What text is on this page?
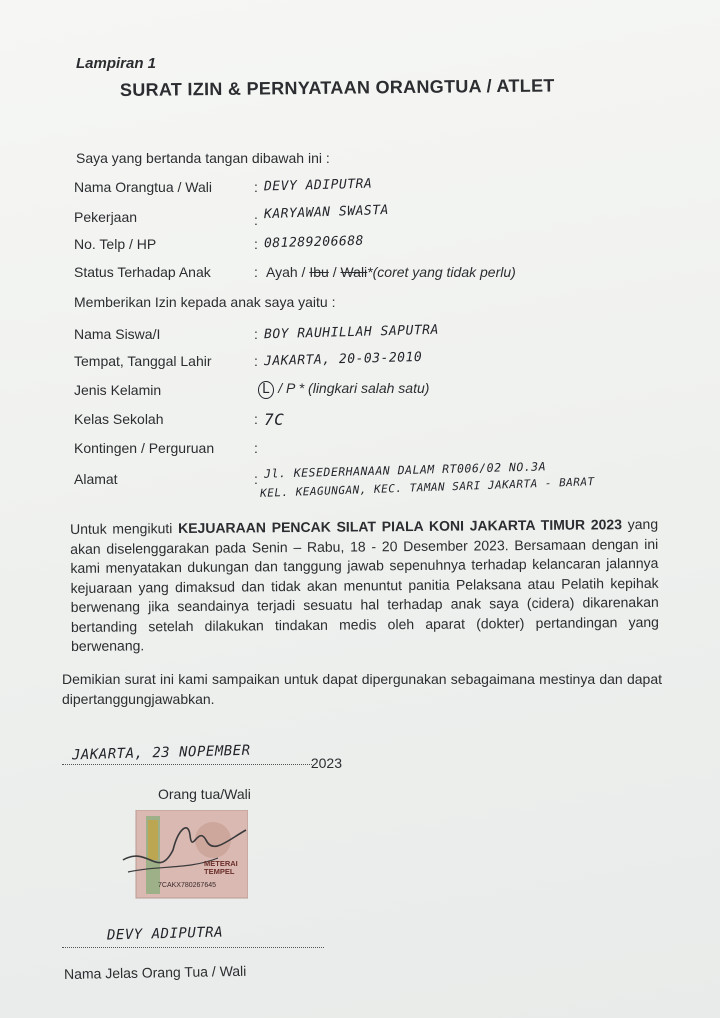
Lampiran 1
SURAT IZIN & PERNYATAAN ORANGTUA / ATLET
Saya yang bertanda tangan dibawah ini :
Nama Orangtua / Wali	: DEVY ADIPUTRA
Pekerjaan	: KARYAWAN SWASTA
No. Telp / HP	: 081289206688
Status Terhadap Anak	: Ayah / Ibu / Wali*(coret yang tidak perlu)
Memberikan Izin kepada anak saya yaitu :
Nama Siswa/I	: BOY RAUHILLAH SAPUTRA
Tempat, Tanggal Lahir	: JAKARTA, 20-03-2010
Jenis Kelamin	L / P * (lingkari salah satu)
Kelas Sekolah	: 7C
Kontingen / Perguruan	:
Alamat	: Jl. KESEDERHANAAN DALAM RT006/02 NO.3A
KEL. KEAGUNGAN, KEC. TAMAN SARI JAKARTA - BARAT
Untuk mengikuti KEJUARAAN PENCAK SILAT PIALA KONI JAKARTA TIMUR 2023 yang akan diselenggarakan pada Senin – Rabu, 18 - 20 Desember 2023. Bersamaan dengan ini kami menyatakan dukungan dan tanggung jawab sepenuhnya terhadap kelancaran jalannya kejuaraan yang dimaksud dan tidak akan menuntut panitia Pelaksana atau Pelatih kepihak berwenang jika seandainya terjadi sesuatu hal terhadap anak saya (cidera) dikarenakan bertanding setelah dilakukan tindakan medis oleh aparat (dokter) pertandingan yang berwenang.
Demikian surat ini kami sampaikan untuk dapat dipergunakan sebagaimana mestinya dan dapat dipertanggungjawabkan.
JAKARTA, 23 NOPEMBER	2023
Orang tua/Wali
METERAI
TEMPEL
7CAKX780267645
DEVY ADIPUTRA
Nama Jelas Orang Tua / Wali
